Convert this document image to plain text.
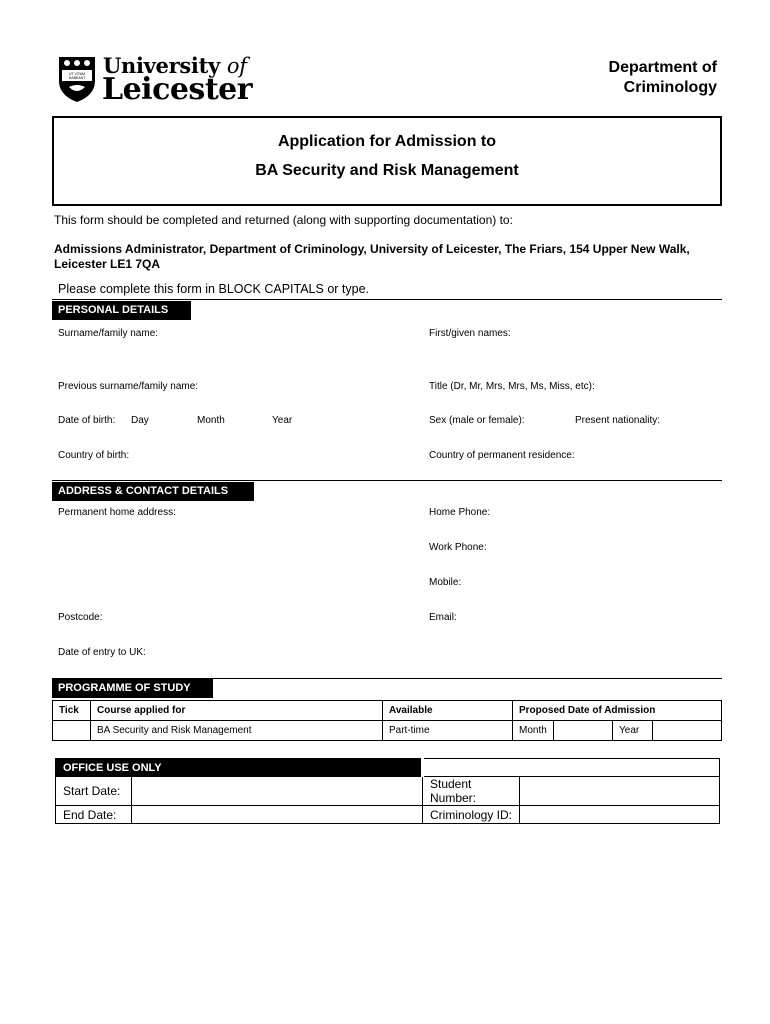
UT VITAM HABEANT University of
Leicester
Department of
Criminology
Application for Admission to
BA Security and Risk Management
This form should be completed and returned (along with supporting documentation) to:
Admissions Administrator, Department of Criminology, University of Leicester, The Friars, 154 Upper New Walk, Leicester LE1 7QA
Please complete this form in BLOCK CAPITALS or type.
PERSONAL DETAILS
Surname/family name:	First/given names:
Previous surname/family name:	Title (Dr, Mr, Mrs, Mrs, Ms, Miss, etc):
Date of birth: Day	Month	Year	Sex (male or female):	Present nationality:
Country of birth:	Country of permanent residence:
ADDRESS & CONTACT DETAILS
Permanent home address:	Home Phone:
Work Phone:
Mobile:
Postcode:	Email:
Date of entry to UK:
PROGRAMME OF STUDY
Tick	Course applied for	Available	Proposed Date of Admission			
	BA Security and Risk Management	Part-time	Month		Year	
OFFICE USE ONLY			
Start Date:		Student Number:	
End Date:		Criminology ID:	
